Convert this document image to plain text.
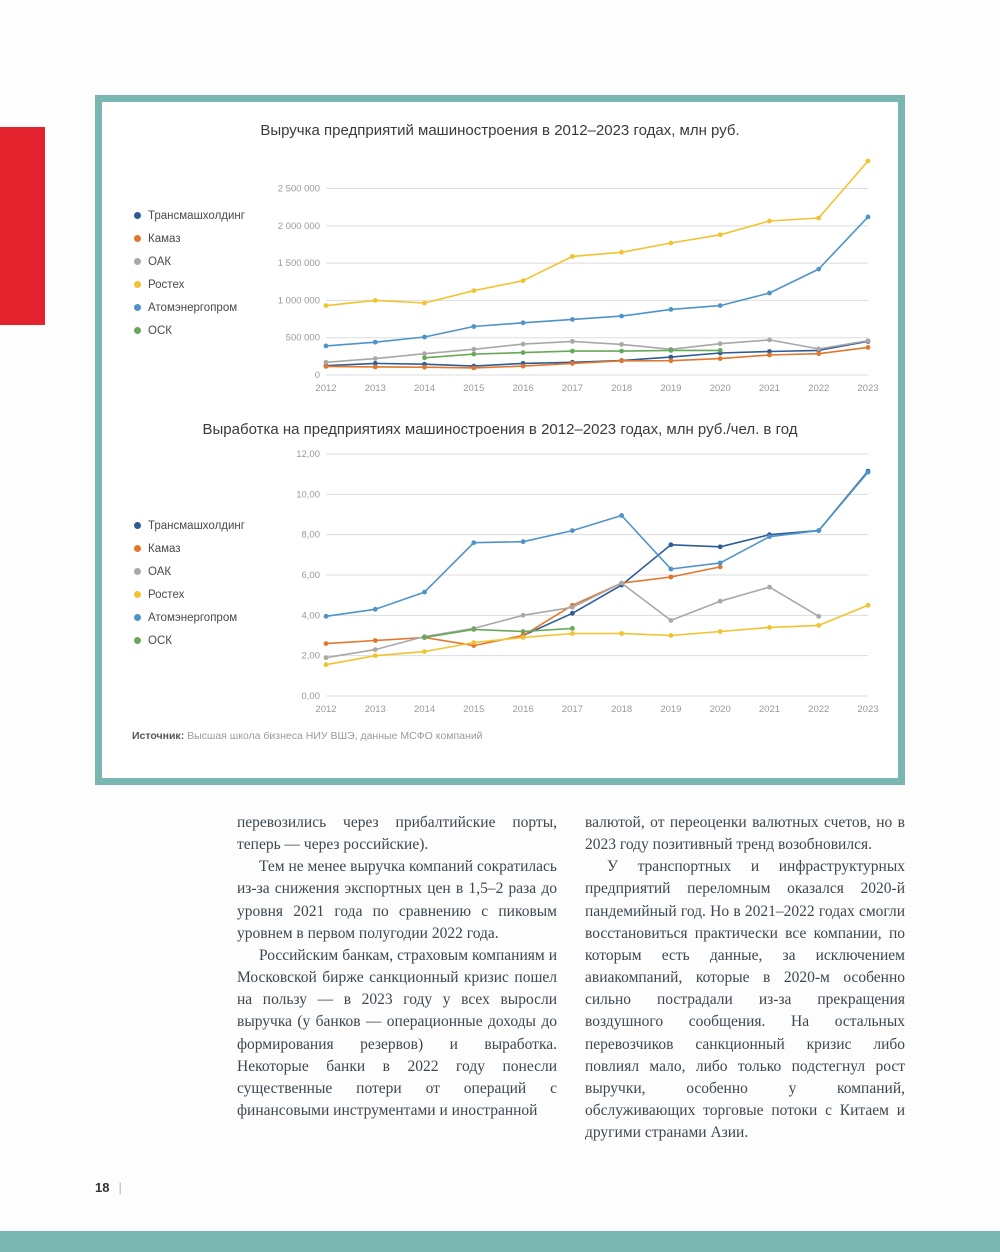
Выручка предприятий машиностроения в 2012–2023 годах, млн руб.
Трансмашхолдинг
Камаз
ОАК
Ростех
Атомэнергопром
ОСК
0
500 000
1 000 000
1 500 000
2 000 000
2 500 000
2012	2013	2014	2015	2016	2017	2018	2019	2020	2021	2022	2023
Выработка на предприятиях машиностроения в 2012–2023 годах, млн руб./чел. в год
Трансмашхолдинг
Камаз
ОАК
Ростех
Атомэнергопром
ОСК
0,00
2,00
4,00
6,00
8,00
10,00
12,00
2012	2013	2014	2015	2016	2017	2018	2019	2020	2021	2022	2023
Источник: Высшая школа бизнеса НИУ ВШЭ, данные МСФО компаний

перевозились через прибалтийские порты, теперь — через российские).

Тем не менее выручка компаний сократилась из-за снижения экспортных цен в 1,5–2 раза до уровня 2021 года по сравнению с пиковым уровнем в первом полугодии 2022 года.

Российским банкам, страховым компаниям и Московской бирже санкционный кризис пошел на пользу — в 2023 году у всех выросли выручка (у банков — операционные доходы до формирования резервов) и выработка. Некоторые банки в 2022 году понесли существенные потери от операций с финансовыми инструментами и иностранной

валютой, от переоценки валютных счетов, но в 2023 году позитивный тренд возобновился.

У транспортных и инфраструктурных предприятий переломным оказался 2020-й пандемийный год. Но в 2021–2022 годах смогли восстановиться практически все компании, по которым есть данные, за исключением авиакомпаний, которые в 2020-м особенно сильно пострадали из-за прекращения воздушного сообщения. На остальных перевозчиков санкционный кризис либо повлиял мало, либо только подстегнул рост выручки, особенно у компаний, обслуживающих торговые потоки с Китаем и другими странами Азии.

18 |
